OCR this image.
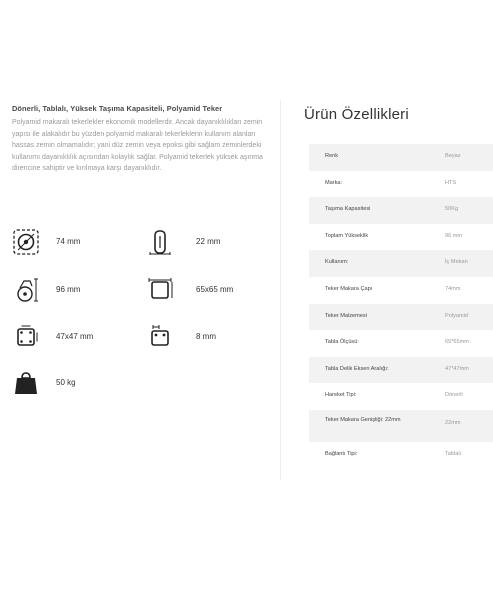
Dönerli, Tablalı, Yüksek Taşıma Kapasiteli, Polyamid Teker

Polyamid makaralı tekerlekler ekonomik modellerdir. Ancak dayanıklılıkları zemin yapısı ile alakalıdır bu yüzden polyamid makaralı tekerleklerin kullanım alanları hassas zemin olmamalıdır; yani düz zemin veya epoksi gibi sağlam zeminlerdeki kullanımı dayanıklılık açısından kolaylık sağlar. Polyamid tekerlek yüksek aşınma direncine sahiptir ve kırılmaya karşı dayanıklıdır.

74 mm	22 mm
96 mm	65x65 mm
47x47 mm	8 mm
50 kg
Ürün Özellikleri
Renk	Beyaz
Marka:	HTS
Taşıma Kapasitesi	50Kg
Toplam Yükseklik	96 mm
Kullanım:	İç Mekan
Teker Makara Çapı	74mm
Teker Malzemesi	Polyamid
Tabla Ölçüsü:	65*65mm
Tabla Delik Eksen Aralığı:	47*47mm
Hareket Tipi:	Dönerli
Teker Makara Genişliği: 22mm	22mm
Bağlantı Tipi:	Tablalı
